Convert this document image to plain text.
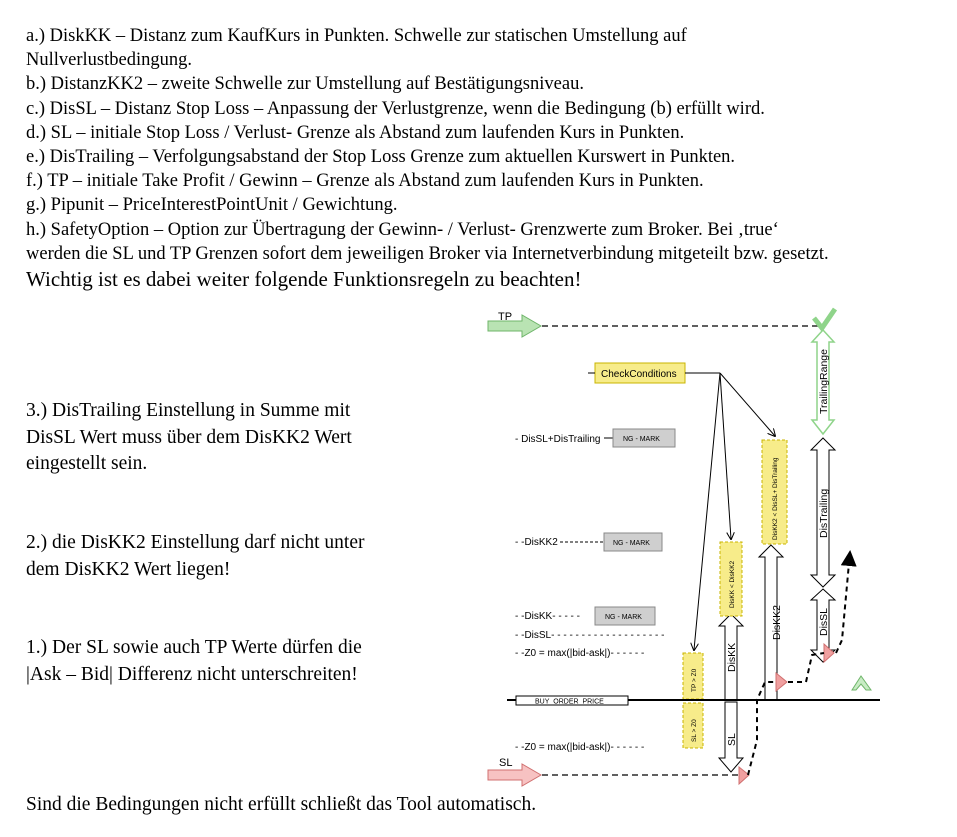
a.) DiskKK – Distanz zum KaufKurs in Punkten. Schwelle zur statischen Umstellung auf

Nullverlustbedingung.

b.) DistanzKK2 – zweite Schwelle zur Umstellung auf Bestätigungsniveau.

c.) DisSL – Distanz Stop Loss – Anpassung der Verlustgrenze, wenn die Bedingung (b) erfüllt wird.

d.) SL – initiale Stop Loss / Verlust- Grenze als Abstand zum laufenden Kurs in Punkten.

e.) DisTrailing – Verfolgungsabstand der Stop Loss Grenze zum aktuellen Kurswert in Punkten.

f.) TP – initiale Take Profit / Gewinn – Grenze als Abstand zum laufenden Kurs in Punkten.

g.) Pipunit – PriceInterestPointUnit / Gewichtung.

h.) SafetyOption – Option zur Übertragung der Gewinn- / Verlust- Grenzwerte zum Broker. Bei ‚true‘

werden die SL und TP Grenzen sofort dem jeweiligen Broker via Internetverbindung mitgeteilt bzw. gesetzt.

Wichtig ist es dabei weiter folgende Funktionsregeln zu beachten!

3.) DisTrailing Einstellung in Summe mit

DisSL Wert muss über dem DisKK2 Wert

eingestellt sein.

2.) die DisKK2 Einstellung darf nicht unter

dem DisKK2 Wert liegen!

1.) Der SL sowie auch TP Werte dürfen die

|Ask – Bid| Differenz nicht unterschreiten!

Sind die Bedingungen nicht erfüllt schließt das Tool automatisch.

TP
TrailingRange
DisTrailing
DisSL
DisKK2
DisKK
SL
DisKK2 < DisSL+ DisTrailing
DisKK < DisKK2
TP > Z0
SL > Z0
CheckConditions
- DisSL+DisTrailing	NG - MARK
- -DisKK2	NG - MARK
- -DisKK- - - - -	NG - MARK
- -DisSL- - - - - - - - - - - - - - - - - - -
- -Z0 = max(|bid-ask|)- - - - - -
BUY_ORDER_PRICE
- -Z0 = max(|bid-ask|)- - - - - -
SL
